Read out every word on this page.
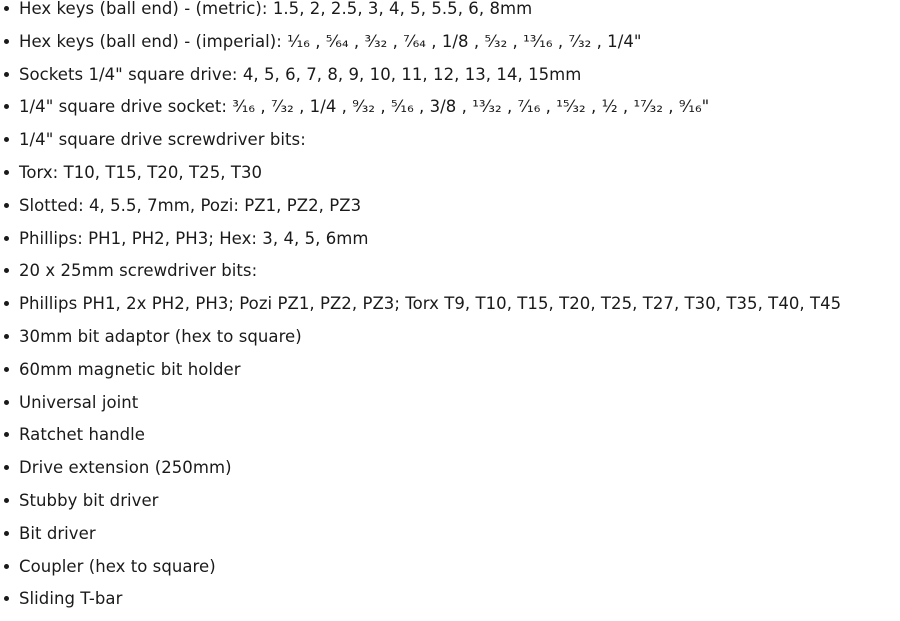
Hex keys (ball end) - (metric): 1.5, 2, 2.5, 3, 4, 5, 5.5, 6, 8mm
Hex keys (ball end) - (imperial): ¹⁄₁₆ , ⁵⁄₆₄ , ³⁄₃₂ , ⁷⁄₆₄ , 1/8 , ⁵⁄₃₂ , ¹³⁄₁₆ , ⁷⁄₃₂ , 1/4"
Sockets 1/4" square drive: 4, 5, 6, 7, 8, 9, 10, 11, 12, 13, 14, 15mm
1/4" square drive socket: ³⁄₁₆ , ⁷⁄₃₂ , 1/4 , ⁹⁄₃₂ , ⁵⁄₁₆ , 3/8 , ¹³⁄₃₂ , ⁷⁄₁₆ , ¹⁵⁄₃₂ , ½ , ¹⁷⁄₃₂ , ⁹⁄₁₆"
1/4" square drive screwdriver bits:
Torx: T10, T15, T20, T25, T30
Slotted: 4, 5.5, 7mm, Pozi: PZ1, PZ2, PZ3
Phillips: PH1, PH2, PH3; Hex: 3, 4, 5, 6mm
20 x 25mm screwdriver bits:
Phillips PH1, 2x PH2, PH3; Pozi PZ1, PZ2, PZ3; Torx T9, T10, T15, T20, T25, T27, T30, T35, T40, T45
30mm bit adaptor (hex to square)
60mm magnetic bit holder
Universal joint
Ratchet handle
Drive extension (250mm)
Stubby bit driver
Bit driver
Coupler (hex to square)
Sliding T-bar
